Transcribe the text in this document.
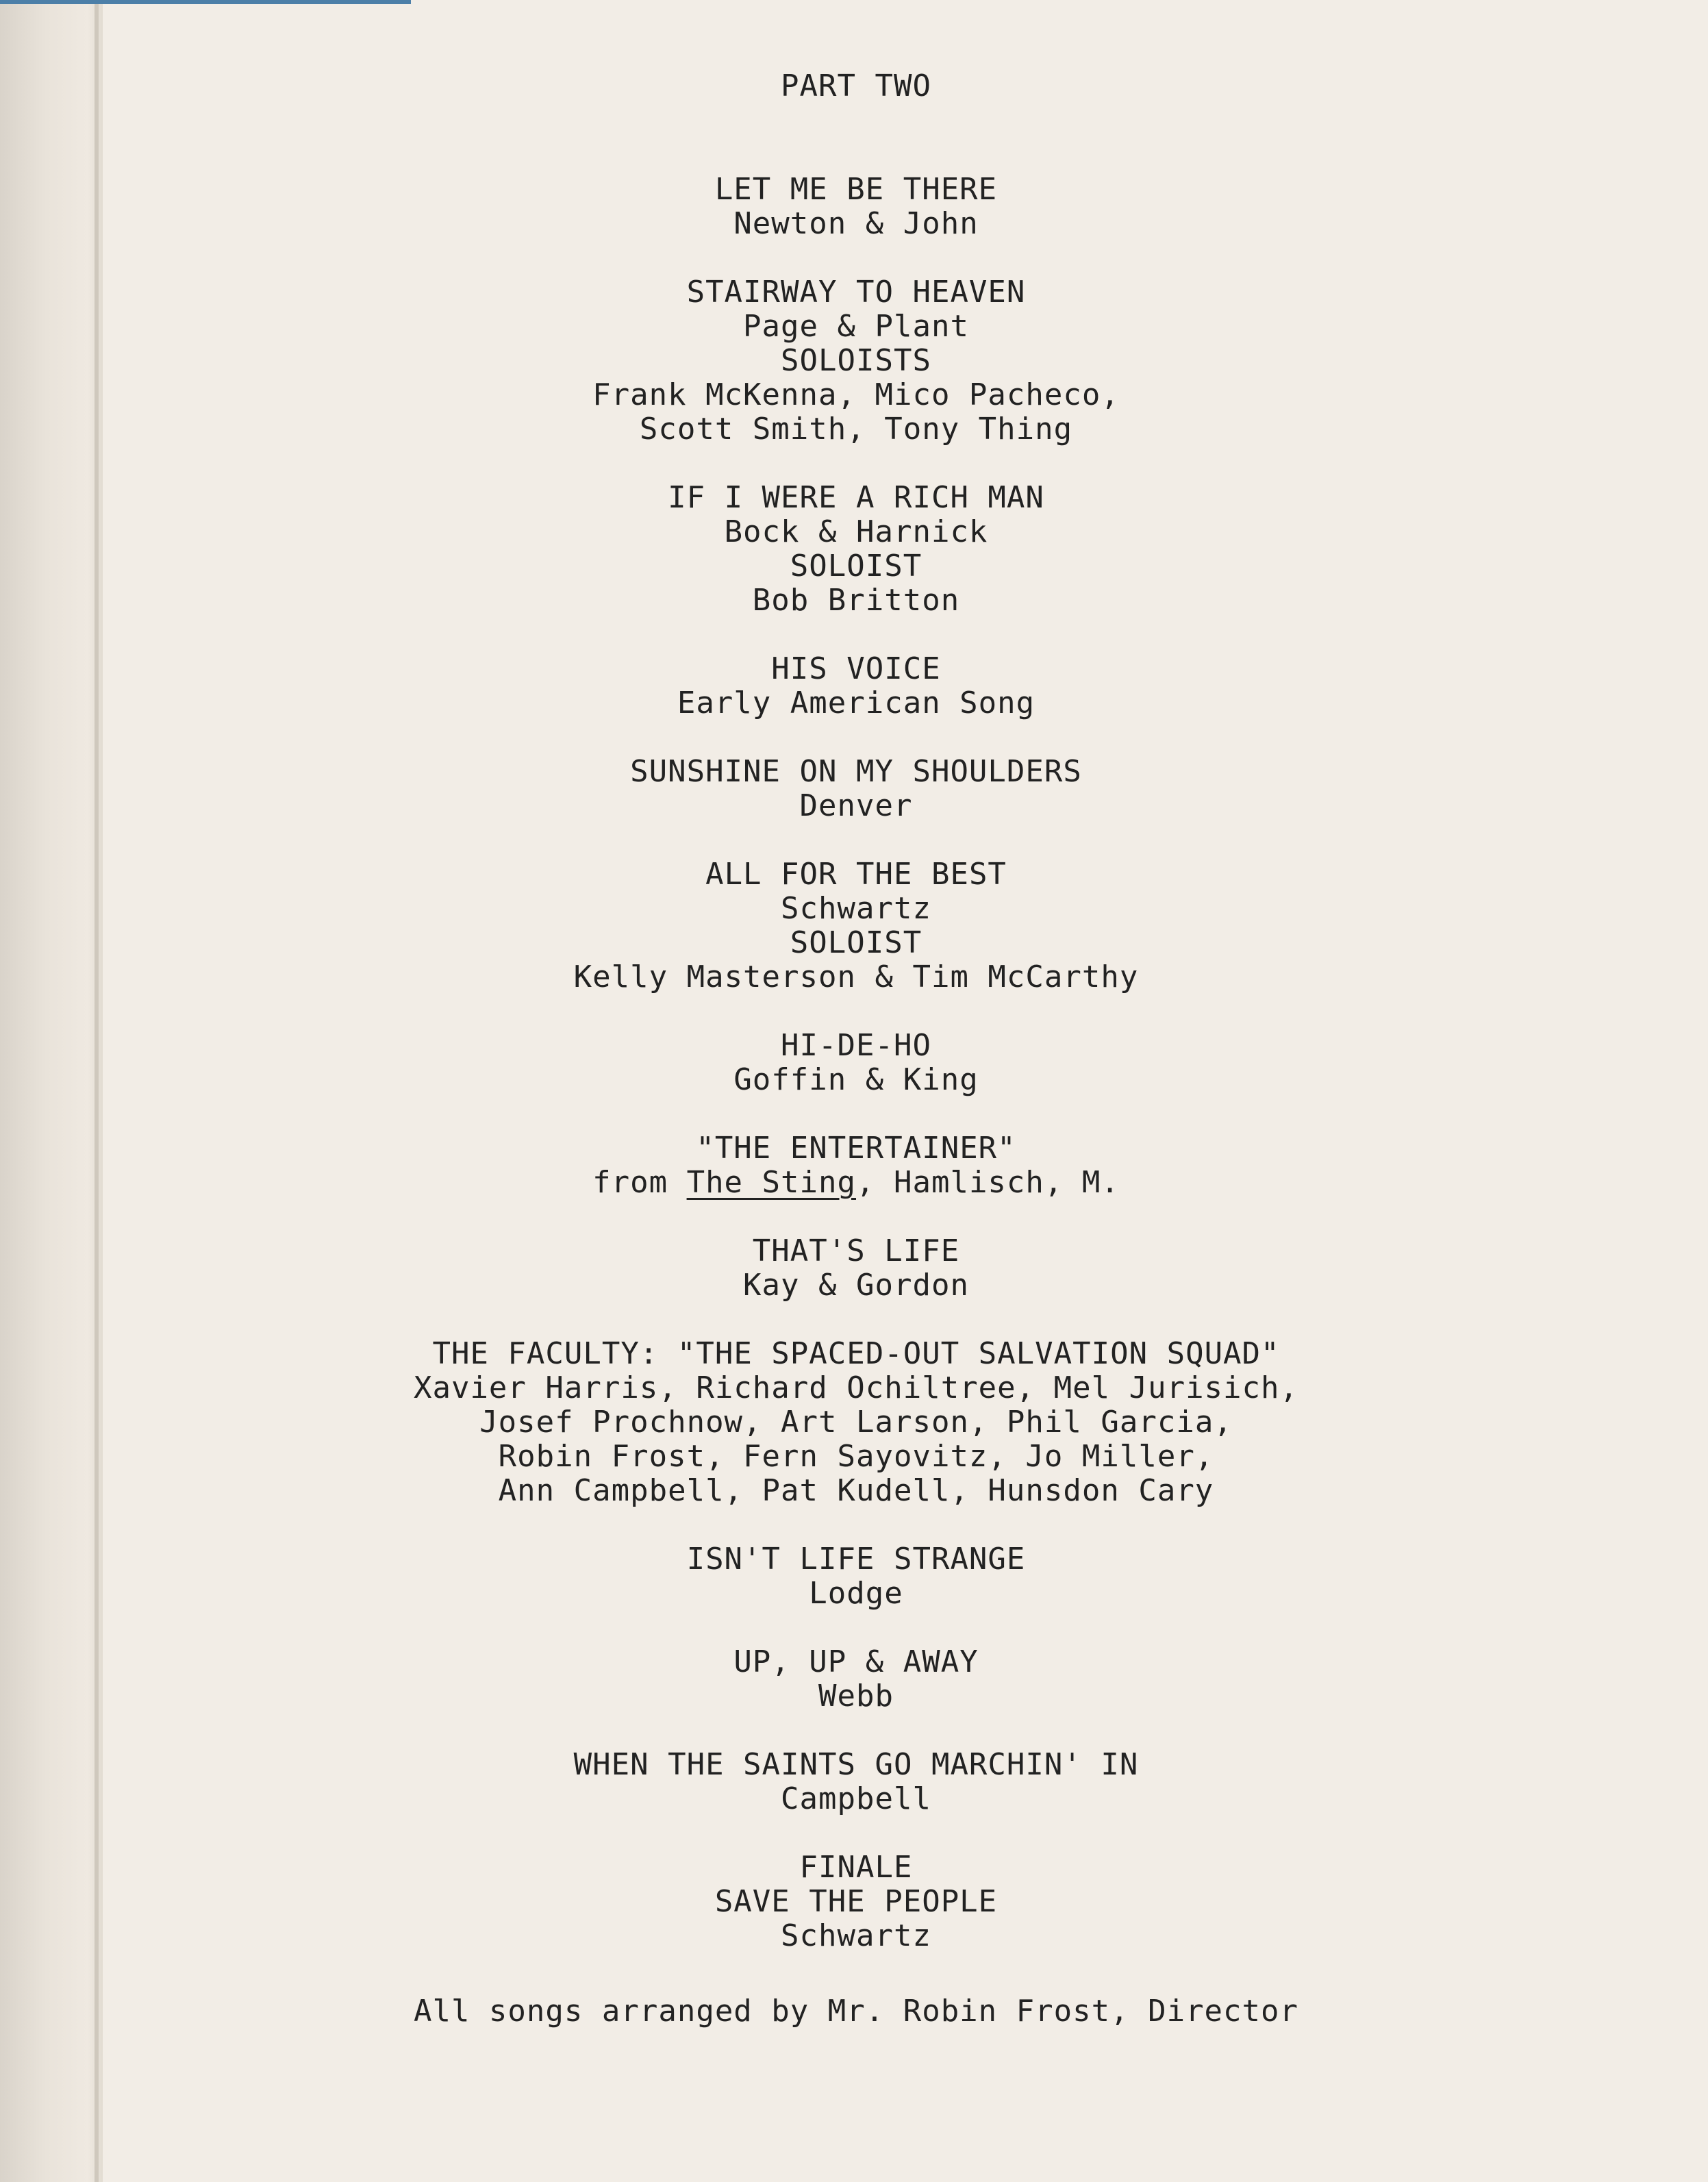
PART TWO
LET ME BE THERE
Newton & John
STAIRWAY TO HEAVEN
Page & Plant
SOLOISTS
Frank McKenna, Mico Pacheco,
Scott Smith, Tony Thing
IF I WERE A RICH MAN
Bock & Harnick
SOLOIST
Bob Britton
HIS VOICE
Early American Song
SUNSHINE ON MY SHOULDERS
Denver
ALL FOR THE BEST
Schwartz
SOLOIST
Kelly Masterson & Tim McCarthy
HI-DE-HO
Goffin & King
"THE ENTERTAINER"
from The Sting, Hamlisch, M.
THAT'S LIFE
Kay & Gordon
THE FACULTY: "THE SPACED-OUT SALVATION SQUAD"
Xavier Harris, Richard Ochiltree, Mel Jurisich,
Josef Prochnow, Art Larson, Phil Garcia,
Robin Frost, Fern Sayovitz, Jo Miller,
Ann Campbell, Pat Kudell, Hunsdon Cary
ISN'T LIFE STRANGE
Lodge
UP, UP & AWAY
Webb
WHEN THE SAINTS GO MARCHIN' IN
Campbell
FINALE
SAVE THE PEOPLE
Schwartz
All songs arranged by Mr. Robin Frost, Director
